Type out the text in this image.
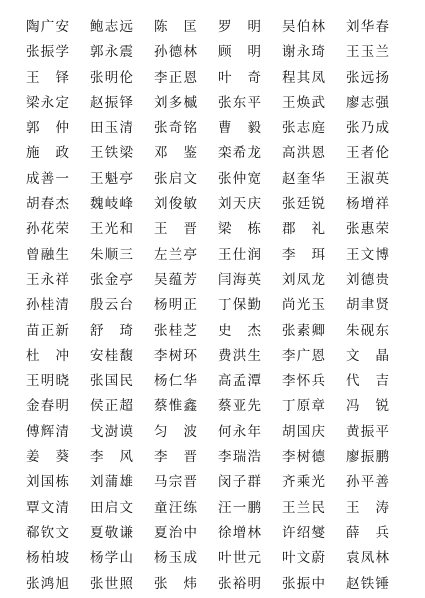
陶广安 鲍志远 陈　匡 罗　明 吴伯林 刘华春
张振学 郭永震 孙德林 顾　明 谢永琦 王玉兰
王　铎 张明伦 李正恩 叶　奇 程其凤 张远扬
梁永定 赵振铎 刘多槭 张东平 王焕武 廖志强
郭　仲 田玉清 张奇铭 曹　毅 张志庭 张乃成
施　政 王铁梁 邓　鉴 栾希龙 高洪恩 王者伦
成善一 王魁亭 张启文 张仲宽 赵奎华 王淑英
胡春杰 魏岐峰 刘俊敏 刘天庆 张廷锐 杨增祥
孙花荣 王光和 王　晋 梁　栋 郡　礼 张惠荣
曾融生 朱顺三 左兰亭 王仕润 李　珥 王文博
王永祥 张金亭 吴蕴芳 闫海英 刘凤龙 刘德贵
孙桂清 殷云台 杨明正 丁保勤 尚光玉 胡聿贤
苗正新 舒　琦 张桂芝 史　杰 张素卿 朱砚东
杜　冲 安桂馥 李树环 费洪生 李广恩 文　晶
王明晓 张国民 杨仁华 高孟潭 李怀兵 代　吉
金春明 侯正超 蔡惟鑫 蔡亚先 丁原章 冯　锐
傅辉清 戈澍谟 匀　波 何永年 胡国庆 黄振平
姜　葵 李　风 李　晋 李瑞浩 李树德 廖振鹏
刘国栋 刘蒲雄 马宗晋 闵子群 齐乘光 孙平善
覃文清 田启文 童汪练 汪一鹏 王兰民 王　涛
郗钦文 夏敬谦 夏治中 徐增林 许绍燮 薛　兵
杨柏坡 杨学山 杨玉成 叶世元 叶文蔚 袁凤林
张鸿旭 张世照 张　炜 张裕明 张振中 赵铁锤
